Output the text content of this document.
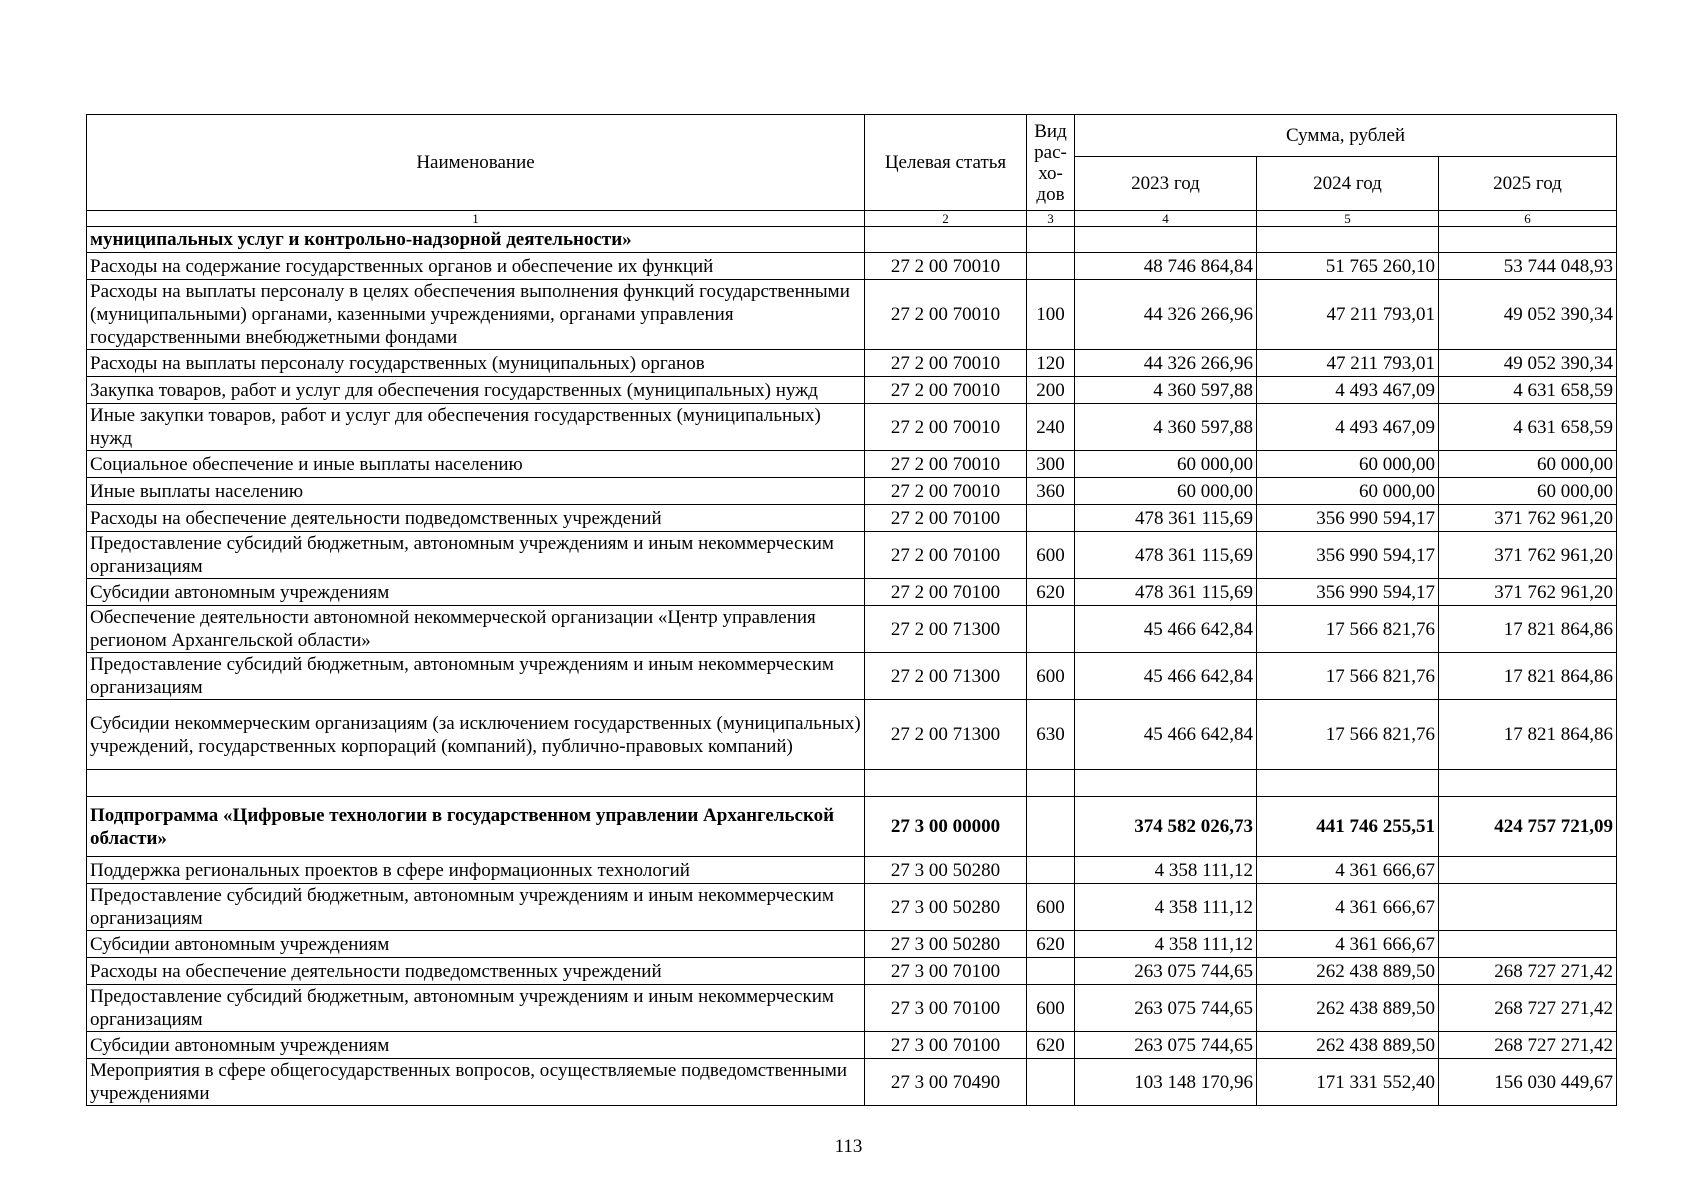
Наименование	Целевая статья	Вид рас-хо-дов	Сумма, рублей		
			2023 год	2024 год	2025 год
1	2	3	4	5	6
муниципальных услуг и контрольно-надзорной деятельности»					
Расходы на содержание государственных органов и обеспечение их функций	27 2 00 70010		48 746 864,84	51 765 260,10	53 744 048,93
Расходы на выплаты персоналу в целях обеспечения выполнения функций государственными (муниципальными) органами, казенными учреждениями, органами управления государственными внебюджетными фондами	27 2 00 70010	100	44 326 266,96	47 211 793,01	49 052 390,34
Расходы на выплаты персоналу государственных (муниципальных) органов	27 2 00 70010	120	44 326 266,96	47 211 793,01	49 052 390,34
Закупка товаров, работ и услуг для обеспечения государственных (муниципальных) нужд	27 2 00 70010	200	4 360 597,88	4 493 467,09	4 631 658,59
Иные закупки товаров, работ и услуг для обеспечения государственных (муниципальных) нужд	27 2 00 70010	240	4 360 597,88	4 493 467,09	4 631 658,59
Социальное обеспечение и иные выплаты населению	27 2 00 70010	300	60 000,00	60 000,00	60 000,00
Иные выплаты населению	27 2 00 70010	360	60 000,00	60 000,00	60 000,00
Расходы на обеспечение деятельности подведомственных учреждений	27 2 00 70100		478 361 115,69	356 990 594,17	371 762 961,20
Предоставление субсидий бюджетным, автономным учреждениям и иным некоммерческим организациям	27 2 00 70100	600	478 361 115,69	356 990 594,17	371 762 961,20
Субсидии автономным учреждениям	27 2 00 70100	620	478 361 115,69	356 990 594,17	371 762 961,20
Обеспечение деятельности автономной некоммерческой организации «Центр управления регионом Архангельской области»	27 2 00 71300		45 466 642,84	17 566 821,76	17 821 864,86
Предоставление субсидий бюджетным, автономным учреждениям и иным некоммерческим организациям	27 2 00 71300	600	45 466 642,84	17 566 821,76	17 821 864,86
Субсидии некоммерческим организациям (за исключением государственных (муниципальных) учреждений, государственных корпораций (компаний), публично-правовых компаний)	27 2 00 71300	630	45 466 642,84	17 566 821,76	17 821 864,86

Подпрограмма «Цифровые технологии в государственном управлении Архангельской области»	27 3 00 00000		374 582 026,73	441 746 255,51	424 757 721,09
Поддержка региональных проектов в сфере информационных технологий	27 3 00 50280		4 358 111,12	4 361 666,67	
Предоставление субсидий бюджетным, автономным учреждениям и иным некоммерческим организациям	27 3 00 50280	600	4 358 111,12	4 361 666,67	
Субсидии автономным учреждениям	27 3 00 50280	620	4 358 111,12	4 361 666,67	
Расходы на обеспечение деятельности подведомственных учреждений	27 3 00 70100		263 075 744,65	262 438 889,50	268 727 271,42
Предоставление субсидий бюджетным, автономным учреждениям и иным некоммерческим организациям	27 3 00 70100	600	263 075 744,65	262 438 889,50	268 727 271,42
Субсидии автономным учреждениям	27 3 00 70100	620	263 075 744,65	262 438 889,50	268 727 271,42
Мероприятия в сфере общегосударственных вопросов, осуществляемые подведомственными учреждениями	27 3 00 70490		103 148 170,96	171 331 552,40	156 030 449,67
113
